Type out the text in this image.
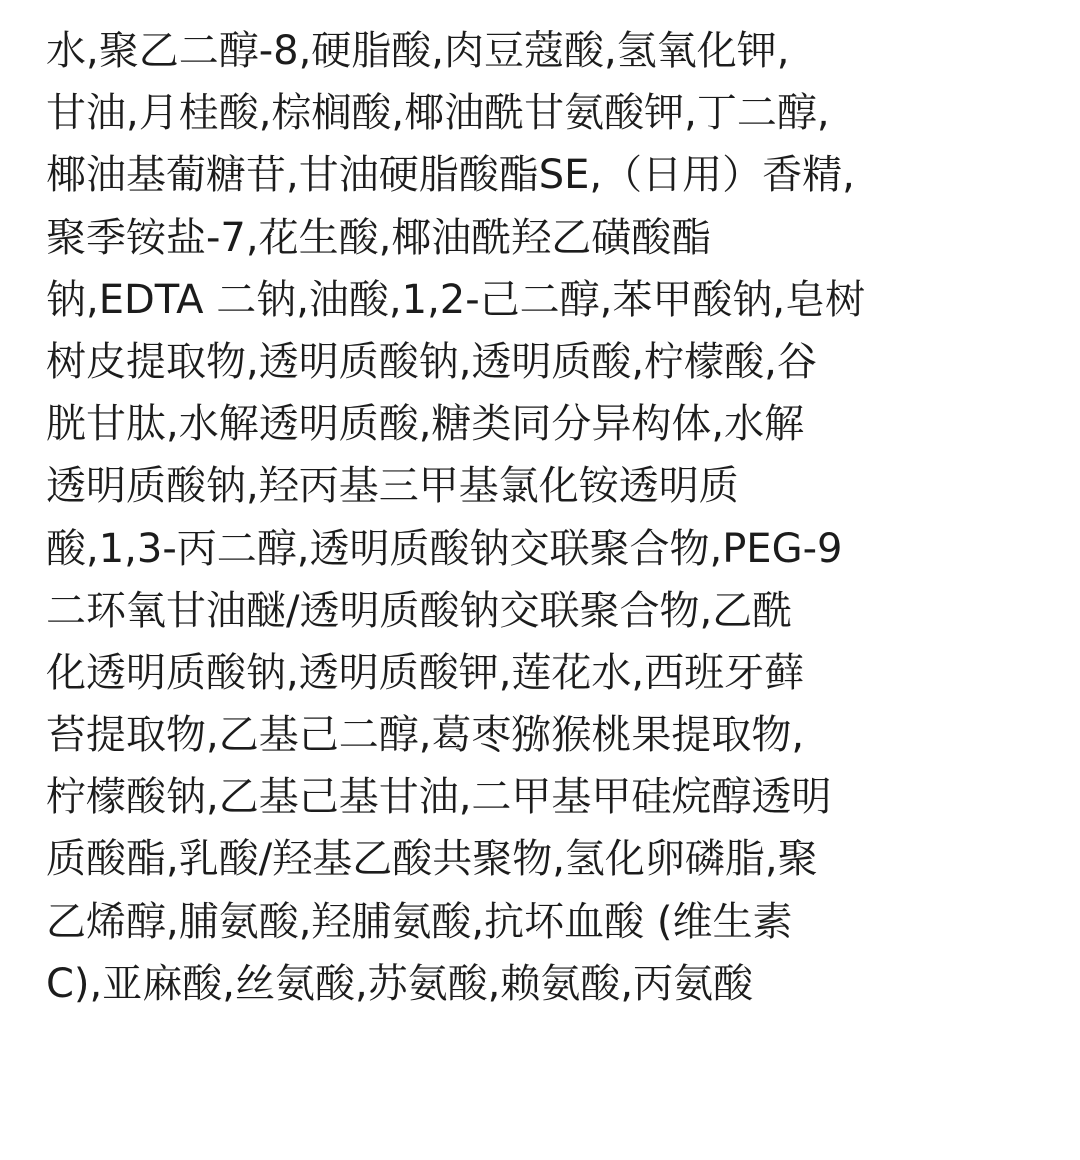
水,聚乙二醇-8,硬脂酸,肉豆蔻酸,氢氧化钾,
甘油,月桂酸,棕榈酸,椰油酰甘氨酸钾,丁二醇,
椰油基葡糖苷,甘油硬脂酸酯SE,（日用）香精,
聚季铵盐-7,花生酸,椰油酰羟乙磺酸酯
钠,EDTA 二钠,油酸,1,2-己二醇,苯甲酸钠,皂树
树皮提取物,透明质酸钠,透明质酸,柠檬酸,谷
胱甘肽,水解透明质酸,糖类同分异构体,水解
透明质酸钠,羟丙基三甲基氯化铵透明质
酸,1,3-丙二醇,透明质酸钠交联聚合物,PEG-9
二环氧甘油醚/透明质酸钠交联聚合物,乙酰
化透明质酸钠,透明质酸钾,莲花水,西班牙藓
苔提取物,乙基己二醇,葛枣猕猴桃果提取物,
柠檬酸钠,乙基己基甘油,二甲基甲硅烷醇透明
质酸酯,乳酸/羟基乙酸共聚物,氢化卵磷脂,聚
乙烯醇,脯氨酸,羟脯氨酸,抗坏血酸 (维生素
C),亚麻酸,丝氨酸,苏氨酸,赖氨酸,丙氨酸
